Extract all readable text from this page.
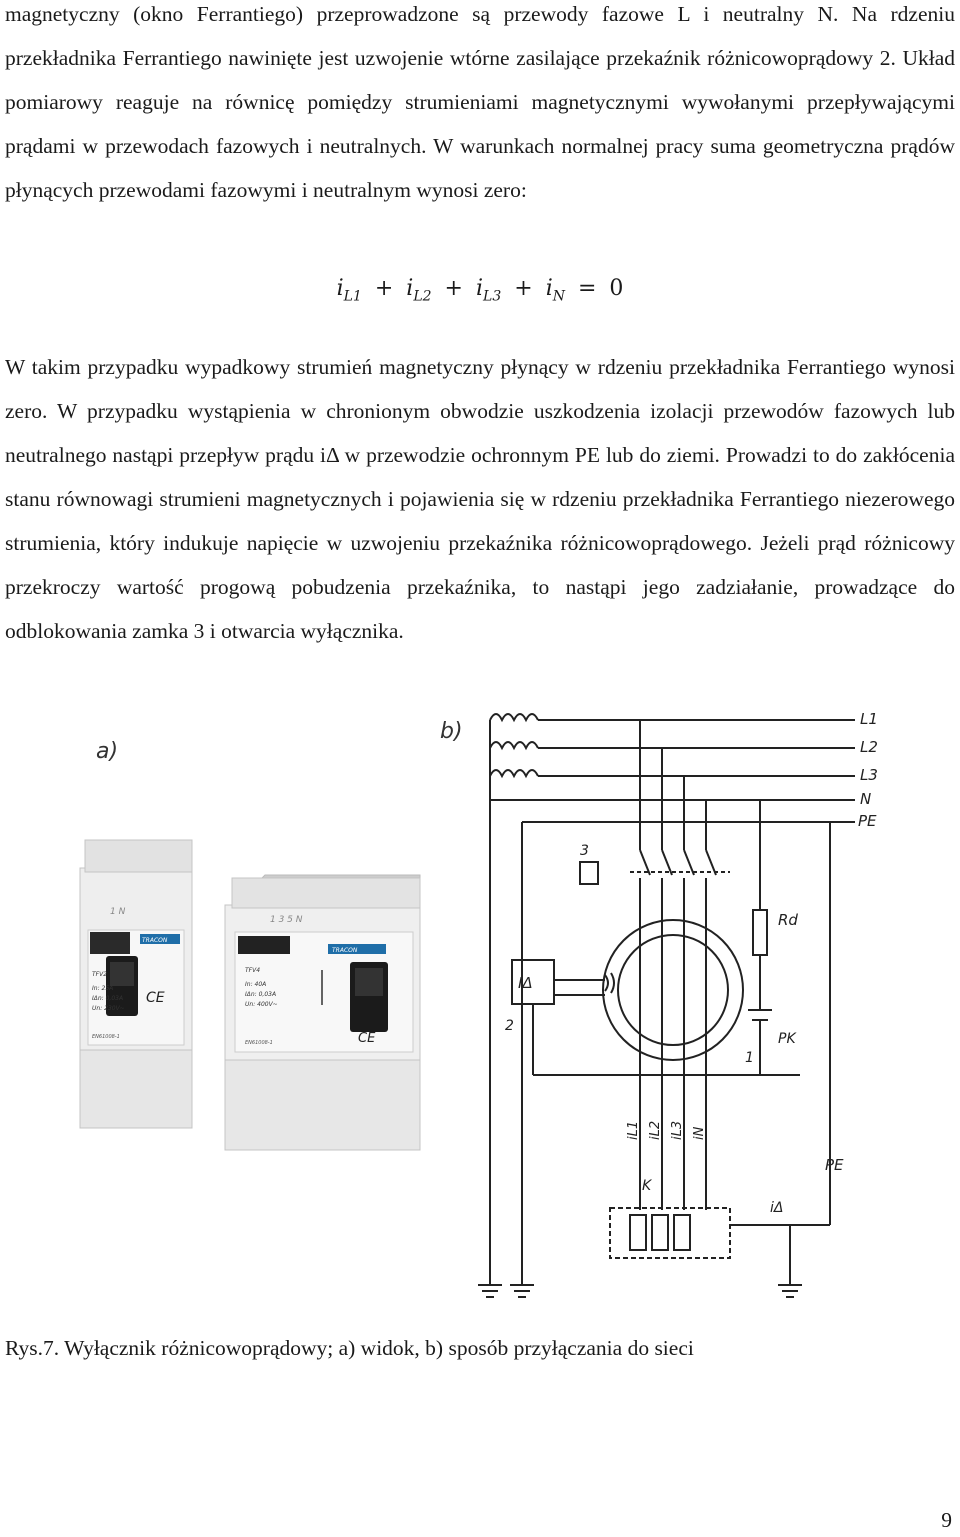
magnetyczny (okno Ferrantiego) przeprowadzone są przewody fazowe L i neutralny N. Na rdzeniu przekładnika Ferrantiego nawinięte jest uzwojenie wtórne zasilające przekaźnik różnicowoprądowy 2. Układ pomiarowy reaguje na równicę pomiędzy strumieniami magnetycznymi wywołanymi przepływającymi prądami w przewodach fazowych i neutralnych. W warunkach normalnej pracy suma geometryczna prądów płynących przewodami fazowymi i neutralnym wynosi zero:

$i_{L1} + i_{L2} + i_{L3} + i_N = 0$

W takim przypadku wypadkowy strumień magnetyczny płynący w rdzeniu przekładnika Ferrantiego wynosi zero. W przypadku wystąpienia w chronionym obwodzie uszkodzenia izolacji przewodów fazowych lub neutralnego nastąpi przepływ prądu iΔ w przewodzie ochronnym PE lub do ziemi. Prowadzi to do zakłócenia stanu równowagi strumieni magnetycznych i pojawienia się w rdzeniu przekładnika Ferrantiego niezerowego strumienia, który indukuje napięcie w uzwojeniu przekaźnika różnicowoprądowego. Jeżeli prąd różnicowy przekroczy wartość progową pobudzenia przekaźnika, to nastąpi jego zadziałanie, prowadzące do odblokowania zamka 3 i otwarcia wyłącznika.

a)
1 N
TRACON
TFV2
In: 25A
IΔn: 0,03A
Un: 230V~
CE
EN61008-1
1 3 5 N
TRACON
TFV4
In: 40A
IΔn: 0,03A
Un: 400V~
CE
EN61008-1
b)	L1
L2
L3
N
PE
3
IΔ
2
Rd
PK
1
iL1 iL2 iL3 iN
K
PE
iΔ

Rys.7. Wyłącznik różnicowoprądowy; a) widok, b) sposób przyłączania do sieci

9
